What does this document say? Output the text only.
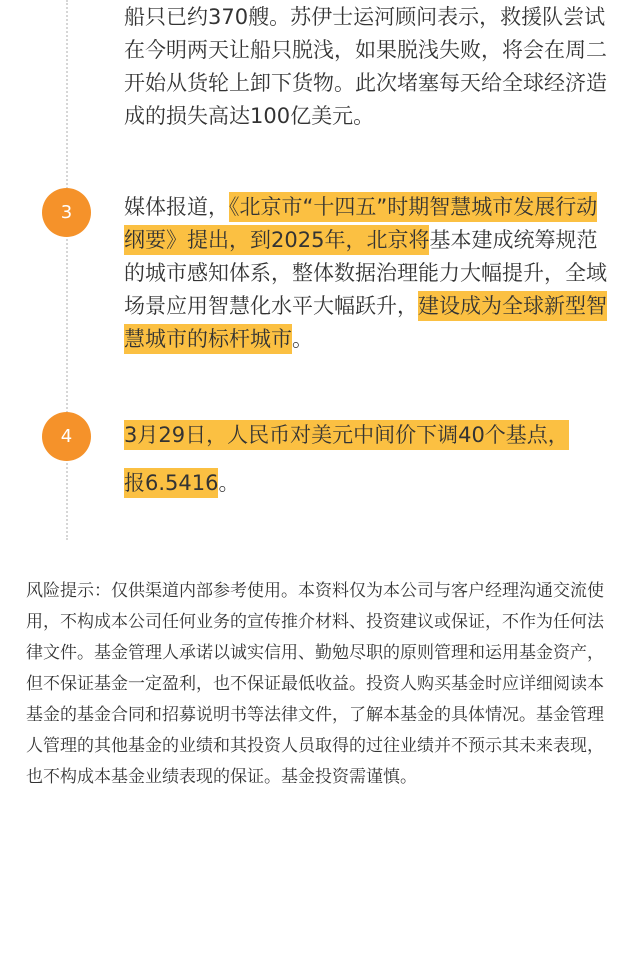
船只已约370艘。苏伊士运河顾问表示，救援队尝试在今明两天让船只脱浅，如果脱浅失败，将会在周二开始从货轮上卸下货物。此次堵塞每天给全球经济造成的损失高达100亿美元。

3	媒体报道，《北京市“十四五”时期智慧城市发展行动纲要》提出，到2025年，北京将基本建成统筹规范的城市感知体系，整体数据治理能力大幅提升，全域场景应用智慧化水平大幅跃升，建设成为全球新型智慧城市的标杆城市。

4	3月29日，人民币对美元中间价下调40个基点，
报6.5416。

风险提示：仅供渠道内部参考使用。本资料仅为本公司与客户经理沟通交流使用，不构成本公司任何业务的宣传推介材料、投资建议或保证，不作为任何法律文件。基金管理人承诺以诚实信用、勤勉尽职的原则管理和运用基金资产，但不保证基金一定盈利，也不保证最低收益。投资人购买基金时应详细阅读本基金的基金合同和招募说明书等法律文件，了解本基金的具体情况。基金管理人管理的其他基金的业绩和其投资人员取得的过往业绩并不预示其未来表现，也不构成本基金业绩表现的保证。基金投资需谨慎。
